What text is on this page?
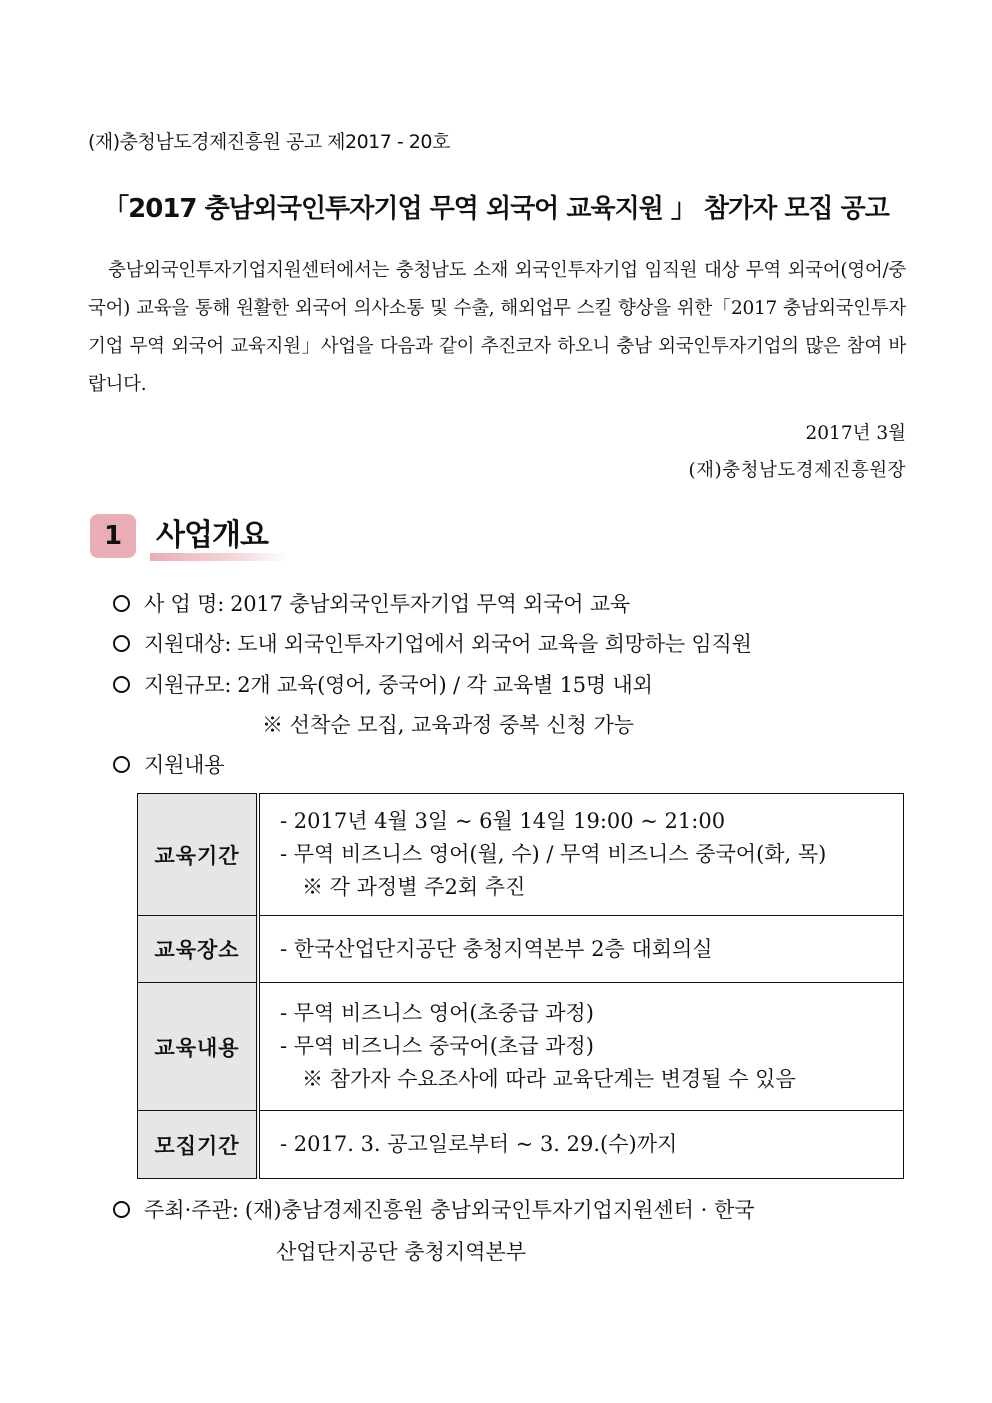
(재)충청남도경제진흥원 공고 제2017 - 20호
「2017 충남외국인투자기업 무역 외국어 교육지원 」 참가자 모집 공고

충남외국인투자기업지원센터에서는 충청남도 소재 외국인투자기업 임직원 대상 무역 외국어(영어/중국어) 교육을 통해 원활한 외국어 의사소통 및 수출, 해외업무 스킬 향상을 위한「2017 충남외국인투자기업 무역 외국어 교육지원」사업을 다음과 같이 추진코자 하오니 충남 외국인투자기업의 많은 참여 바랍니다.

2017년 3월
(재)충청남도경제진흥원장
1	사업개요
사 업 명: 2017 충남외국인투자기업 무역 외국어 교육
지원대상: 도내 외국인투자기업에서 외국어 교육을 희망하는 임직원
지원규모: 2개 교육(영어, 중국어) / 각 교육별 15명 내외
※ 선착순 모집, 교육과정 중복 신청 가능
지원내용
교육기간	- 2017년 4월 3일 ~ 6월 14일 19:00 ~ 21:00
- 무역 비즈니스 영어(월, 수) / 무역 비즈니스 중국어(화, 목)
※ 각 과정별 주2회 추진

교육장소	- 한국산업단지공단 충청지역본부 2층 대회의실

교육내용	- 무역 비즈니스 영어(초중급 과정)
- 무역 비즈니스 중국어(초급 과정)
※ 참가자 수요조사에 따라 교육단계는 변경될 수 있음

모집기간	- 2017. 3. 공고일로부터 ~ 3. 29.(수)까지
주최·주관: (재)충남경제진흥원 충남외국인투자기업지원센터 · 한국
산업단지공단 충청지역본부
